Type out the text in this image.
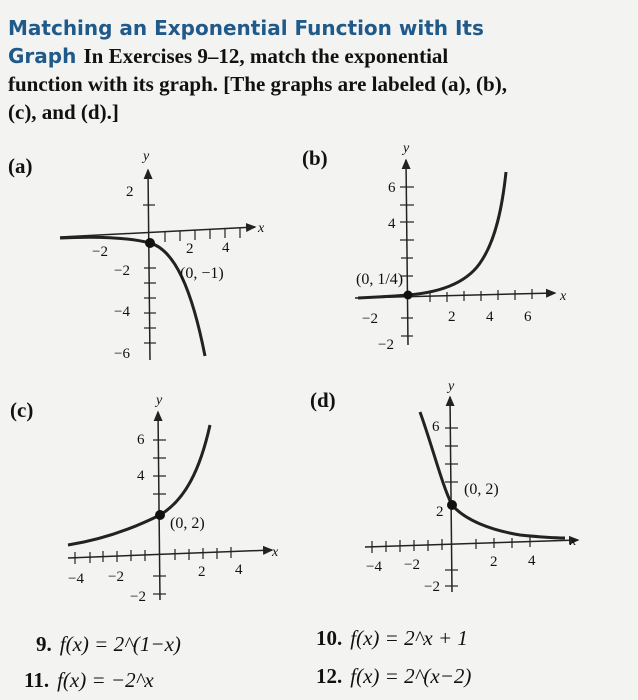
Matching an Exponential Function with Its
Graph In Exercises 9–12, match the exponential
function with its graph. [The graphs are labeled (a), (b),
(c), and (d).]
(a)	(b)
(c)	(d)
y
x
−2	2 4
2
−2
−4
−6
(0, −1)
y
x
−2	2 4 6
6
4
−2
(0, 1/4)
y
x
−4 −2	2 4
6
4
−2
(0, 2)
y
x
−4 −2	2 4
6
2
−2
(0, 2)
9. f(x) = 2^(1−x)	10. f(x) = 2^x + 1
11. f(x) = −2^x	12. f(x) = 2^(x−2)
